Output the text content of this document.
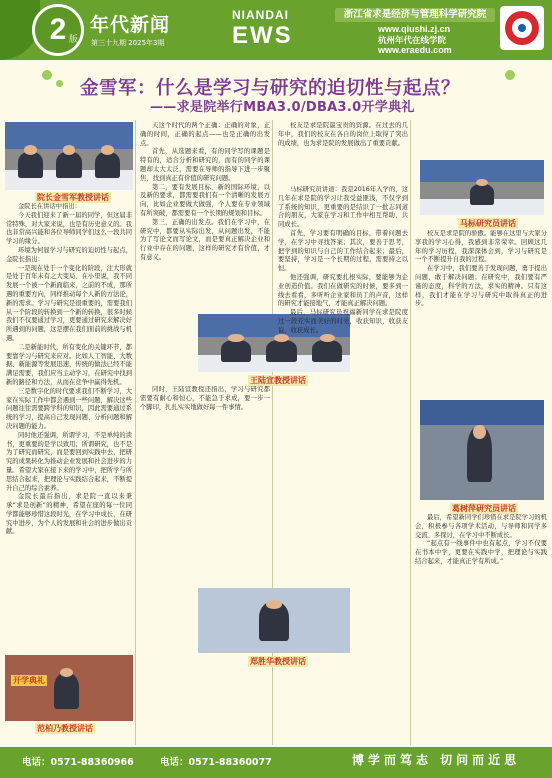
2 版
年代新闻
第三十九期 2025年3期
NIANDAI
EWS
浙江省求是经济与管理科学研究院
www.qiushi.zj.cn
杭州年代在线学院
www.eraedu.com
金雪军：什么是学习与研究的迫切性与起点？
——求是院举行MBA3.0/DBA3.0开学典礼
院长金雪军教授讲话

金院长在讲话中指出：

今天我们迎来了新一届的同学，但这届非常特殊，对大家来说，也是有历史意义的。我也非常高兴能和各位导师同学们这么一段共同学习的缘分。

环境为何显学习与研究的迫切性与起点，金院长指出：

一是现在处于一个变化的阶段，注大形就是处于百年未有之大变局，在小里说，我不同发展一个被一个新面临来，之前的不成，那所遇的重要方向，同样推动每个人新的方法论，新的需求。学习与研究是很重要的，需要我们从一个阶段的转换到一个新的转换，很多时候我们不仅要通过学习，更要通过研究来解决好所遇到的问题，这是摆在我们面前的挑战与机遇。

二是新能时代，所有变化的关键环节，都要靠学习与研究来应对。比如人工智能、大数据、新能源等发展迅速，传统的做法已经不能满足需要，我们应当主动学习，在研究中找到新的路径和方法，从而在竞争中赢得先机。

三是数字化的时代要求我们不断学习，大家在实际工作中都会遇到一些问题，解决这些问题往往需要跨学科的知识，因此需要通过系统的学习，提高自己发现问题、分析问题和解决问题的能力。

同时他还强调，所谓学习，不是单纯的读书，更重要的是学以致用；所谓研究，也不是为了研究而研究，而是要回到实践中去，把研究的成果转化为推动企业发展和社会进步的力量。希望大家在接下来的学习中，把所学与所思结合起来，把理论与实践结合起来，不断提升自己的综合素养。

金院长最后指出，求是院一直以来秉承“求是创新”的精神，希望在座的每一位同学都能够珍惜这段时光，在学习中成长，在研究中进步，为个人的发展和社会的进步做出贡献。

开学典礼
范柏乃教授讲话

天这个时代的两个正确：正确的对象，正确的时间，正确的起点——也是正确的出发点。

首先，从选题来看，有的同学写的课题是特有的，适合分析和研究的，而有的同学的课题却太大太泛，需要在导师的指导下进一步聚焦，找到真正有价值的研究问题。

第二，要有发展目标，新的国际环境，以及新的要求，都需要我们有一个清晰的发展方向，比如企业要做大做强，个人要在专业领域有所突破，都需要有一个长期的规划和目标。

第三，正确的出发点。我们在学习中，在研究中，都要从实际出发，从问题出发，不能为了写论文而写论文，而是要真正解决企业和行业中存在的问题，这样的研究才有价值，才有意义。

王陆宣教授讲话

同时，王陆宣教授还指出，学习与研究都需要有耐心和恒心，不能急于求成，要一步一个脚印，扎扎实实地做好每一件事情。

郑胜华教授讲话

校友是求是院最宝贵的资源。在过去的几年中，我们的校友在各自的岗位上取得了突出的成绩，也为求是院的发展做出了重要贡献。

马标研究员讲话

马标研究员讲道：我是2016年入学的，这几年在求是院的学习让我受益匪浅，不仅学到了系统的知识，更重要的是结识了一批志同道合的朋友，大家在学习和工作中相互帮助，共同成长。

首先，学习要有明确的目标，带着问题去学，在学习中寻找答案；其次，要善于思考，把学到的知识与自己的工作结合起来；最后，要坚持，学习是一个长期的过程，需要持之以恒。

他还强调，研究要扎根实际，要能够为企业创造价值。我们在做研究的时候，要多到一线去看看，多听听企业家和员工的声音，这样的研究才能接地气，才能真正解决问题。

最后，马标研究员祝福新同学在求是院度过一段充实而美好的时光，收获知识，收获友谊，收获成长。

校友是求是院的骄傲。能够在这里与大家分享我的学习心得，我感到非常荣幸。回顾这几年的学习历程，我深深体会到，学习与研究是一个不断提升自我的过程。

在学习中，我们要善于发现问题，勇于提出问题，敢于解决问题；在研究中，我们要有严谨的态度，科学的方法，求实的精神。只有这样，我们才能在学习与研究中取得真正的进步。

葛树萍研究员讲话

最后，希望新同学们珍惜在求是院学习的机会，积极参与各项学术活动，与导师和同学多交流、多探讨，在学习中不断成长。

“起点有一线事件中也有起点，学习不仅要在书本中学，更要在实践中学，把理论与实践结合起来，才能真正学有所成。”

电话：0571-88360966	电话：0571-88360077	博学而笃志 切问而近思
